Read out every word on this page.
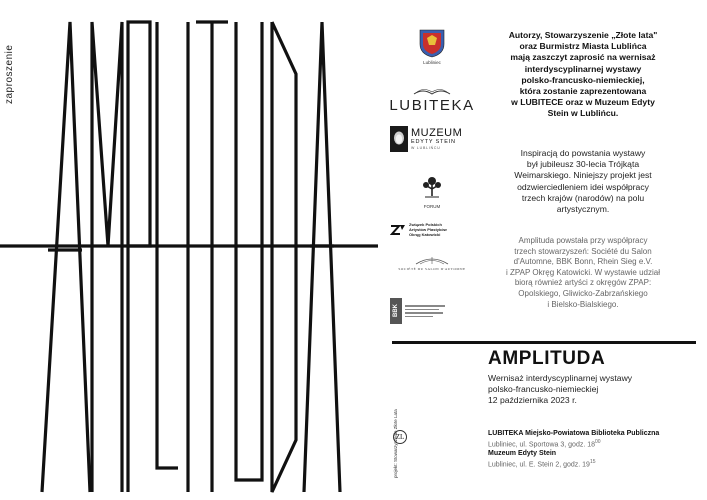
zaproszenie	Lubliniec
LUBITEKA
MUZEUM
EDYTY STEIN
W LUBLIŃCU
FORUM
Związek Polskich
Artystów Plastyków
Okręg Katowicki
SOCIÉTÉ DU SALON D'AUTOMNE
BBK
Autorzy, Stowarzyszenie „Złote lata"
oraz Burmistrz Miasta Lublińca
mają zaszczyt zaprosić na wernisaż
interdyscyplinarnej wystawy
polsko-francusko-niemieckiej,
która zostanie zaprezentowana
w LUBITECE oraz w Muzeum Edyty
Stein w Lublińcu.
Inspiracją do powstania wystawy
był jubileusz 30-lecia Trójkąta
Weimarskiego. Niniejszy projekt jest
odzwierciedleniem idei współpracy
trzech krajów (narodów) na polu
artystycznym.
Amplituda powstała przy współpracy
trzech stowarzyszeń: Société du Salon
d'Automne, BBK Bonn, Rhein Sieg e.V.
i ZPAP Okręg Katowicki. W wystawie udział
biorą również artyści z okręgów ZPAP:
Opolskiego, Gliwicko-Zabrzańskiego
i Bielsko-Bialskiego.
AMPLITUDA
Wernisaż interdyscyplinarnej wystawy
polsko-francusko-niemieckiej
12 października 2023 r.
LUBITEKA Miejsko-Powiatowa Biblioteka Publiczna
Lubliniec, ul. Sportowa 3, godz. $18^{00}$
Muzeum Edyty Stein
Lubliniec, ul. E. Stein 2, godz. $19^{15}$
ZL
projekt: Stowarzyszenie Złote Lata
